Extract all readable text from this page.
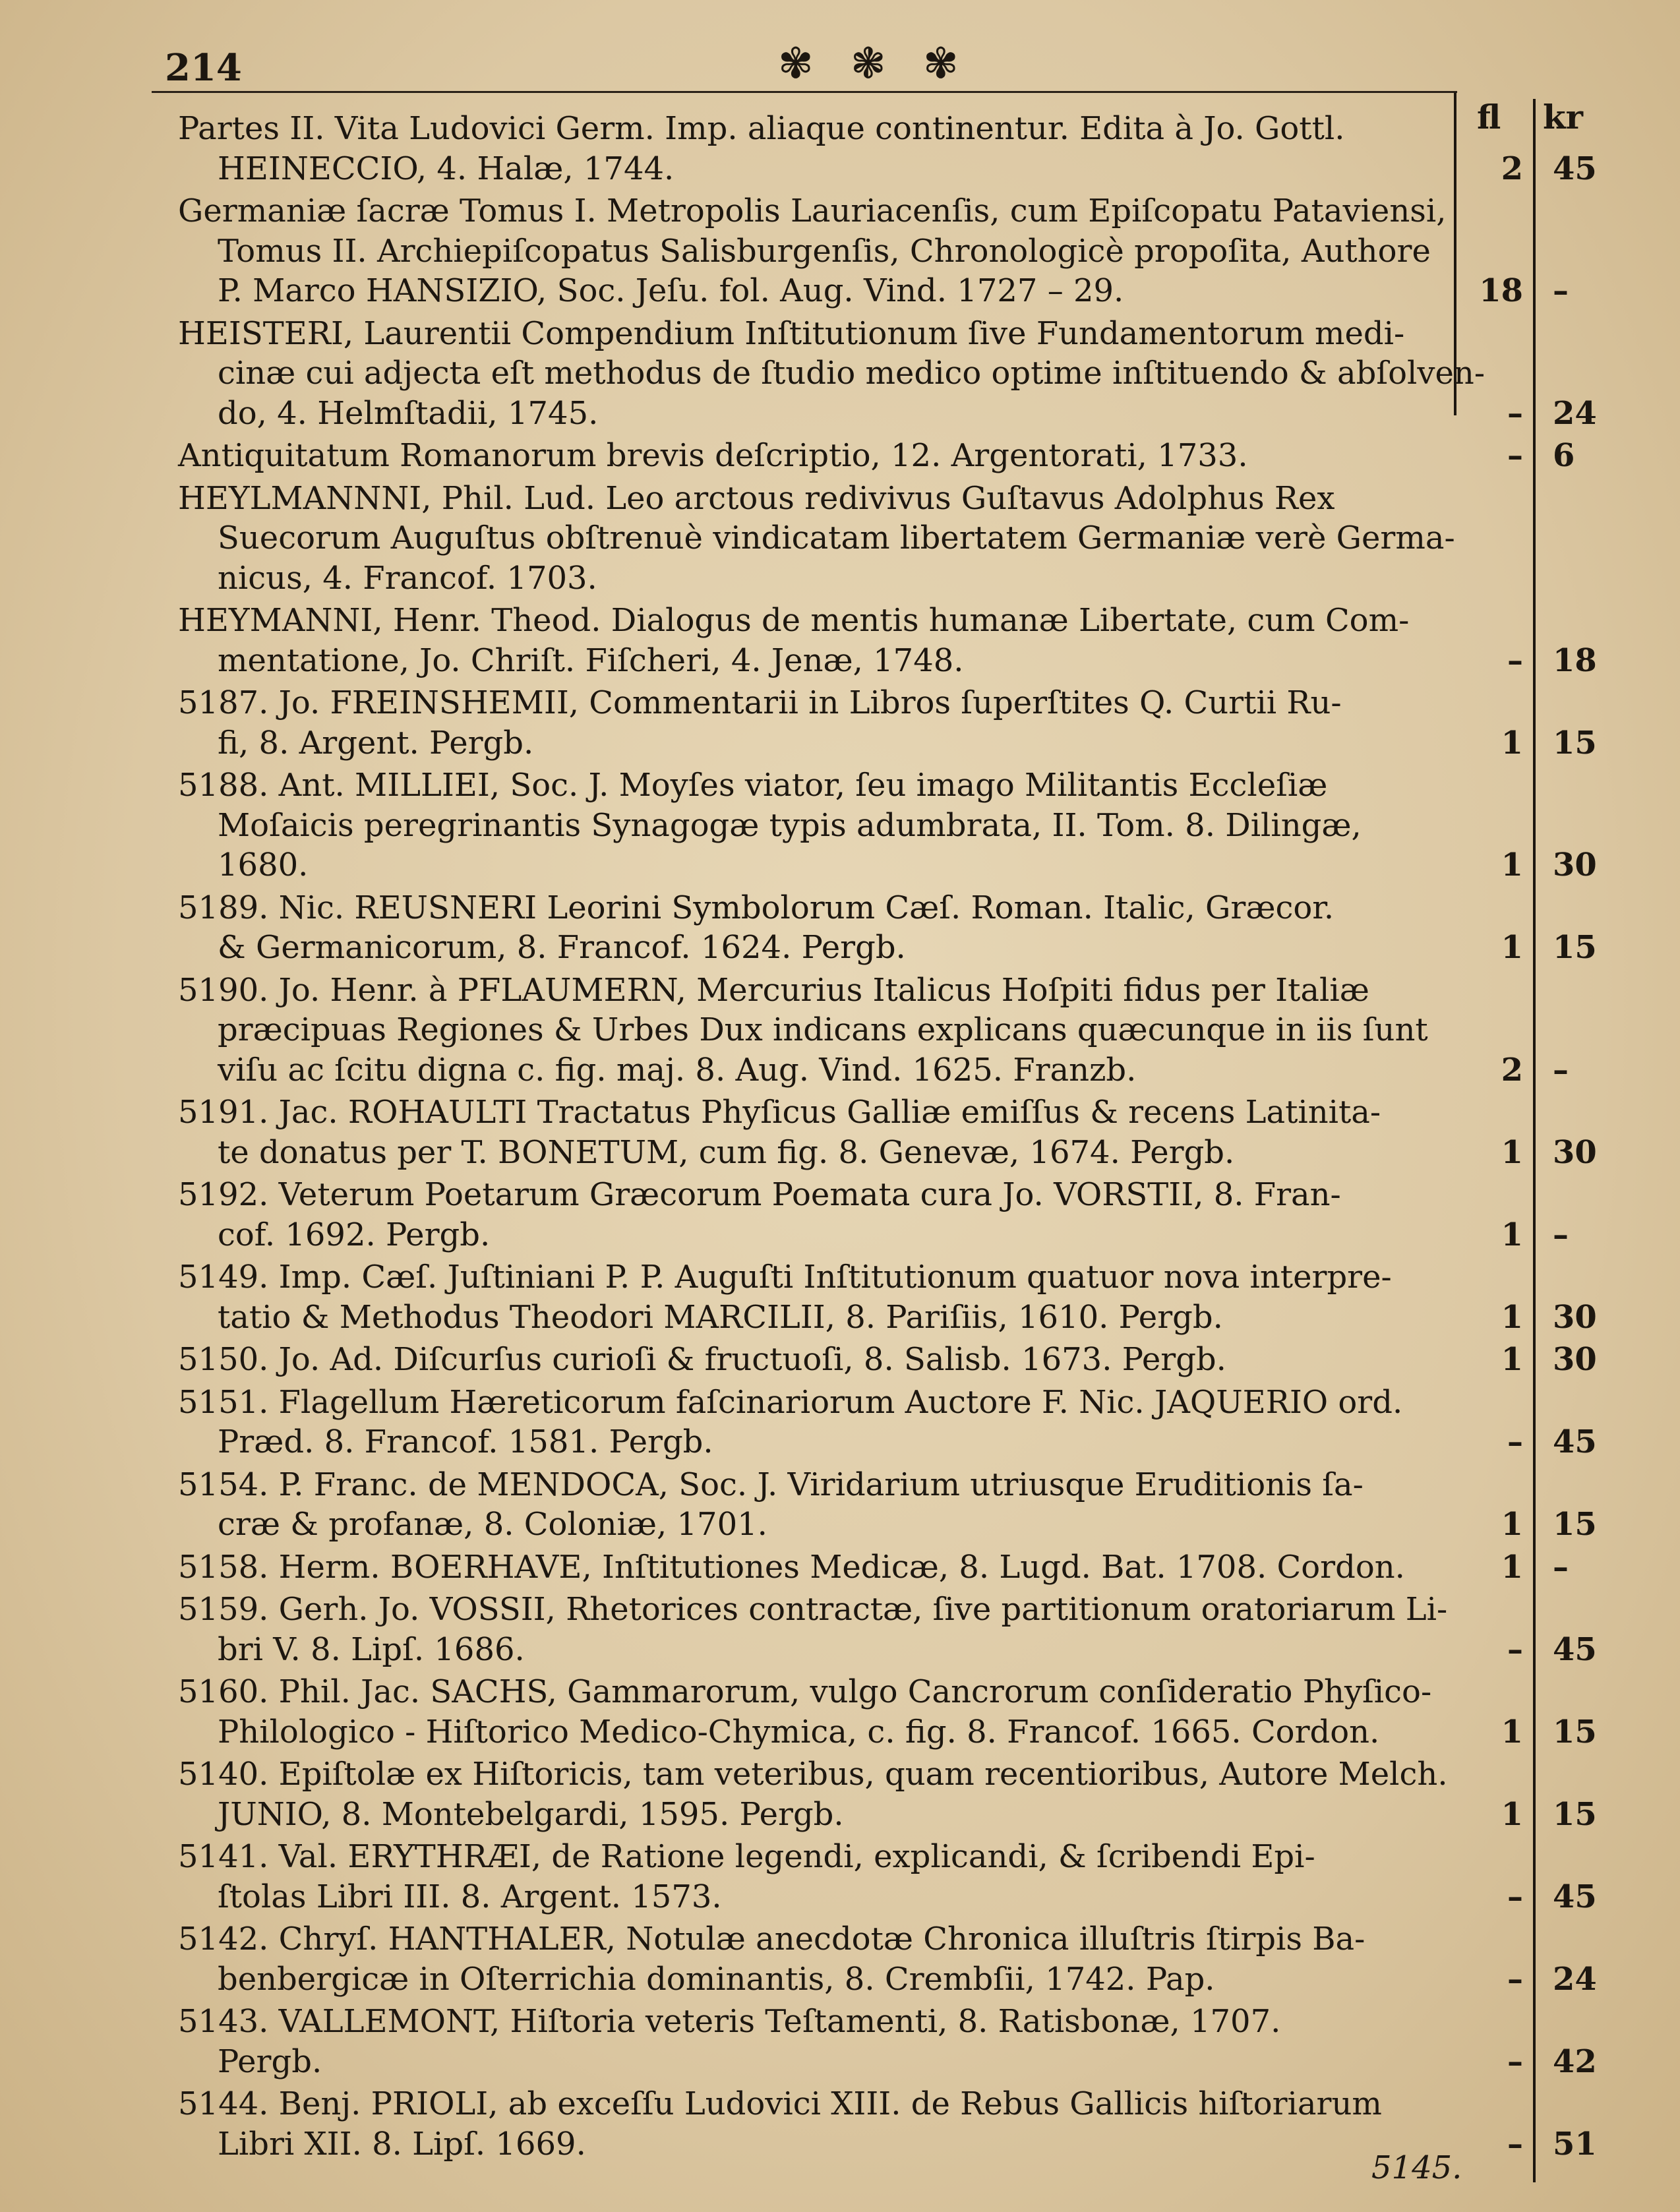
214	✾ ❃ ✾
fl kr
Partes II. Vita Ludovici Germ. Imp. aliaque continentur. Edita à Jo. Gottl.
HEINECCIO, 4. Halæ, 1744.	2 45
Germaniæ ſacræ Tomus I. Metropolis Lauriacenſis, cum Epiſcopatu Pataviensi,
Tomus II. Archiepiſcopatus Salisburgenſis, Chronologicè propoſita, Authore
P. Marco HANSIZIO, Soc. Jeſu. fol. Aug. Vind. 1727 – 29.	18 –
HEISTERI, Laurentii Compendium Inſtitutionum ſive Fundamentorum medi-
cinæ cui adjecta eſt methodus de ſtudio medico optime inſtituendo & abſolven-
do, 4. Helmſtadii, 1745.	– 24
Antiquitatum Romanorum brevis deſcriptio, 12. Argentorati, 1733.	– 6
HEYLMANNNI, Phil. Lud. Leo arctous redivivus Guſtavus Adolphus Rex
Suecorum Auguſtus obſtrenuè vindicatam libertatem Germaniæ verè Germa-
nicus, 4. Francof. 1703.
HEYMANNI, Henr. Theod. Dialogus de mentis humanæ Libertate, cum Com-
mentatione, Jo. Chriſt. Fiſcheri, 4. Jenæ, 1748.	– 18
5187. Jo. FREINSHEMII, Commentarii in Libros ſuperſtites Q. Curtii Ru-
fi, 8. Argent. Pergb.	1 15
5188. Ant. MILLIEI, Soc. J. Moyſes viator, ſeu imago Militantis Eccleſiæ
Moſaicis peregrinantis Synagogæ typis adumbrata, II. Tom. 8. Dilingæ,
1680.	1 30
5189. Nic. REUSNERI Leorini Symbolorum Cæſ. Roman. Italic, Græcor.
& Germanicorum, 8. Francof. 1624. Pergb.	1 15
5190. Jo. Henr. à PFLAUMERN, Mercurius Italicus Hoſpiti fidus per Italiæ
præcipuas Regiones & Urbes Dux indicans explicans quæcunque in iis ſunt
viſu ac ſcitu digna c. fig. maj. 8. Aug. Vind. 1625. Franzb.	2 –
5191. Jac. ROHAULTI Tractatus Phyſicus Galliæ emiſſus & recens Latinita-
te donatus per T. BONETUM, cum fig. 8. Genevæ, 1674. Pergb.	1 30
5192. Veterum Poetarum Græcorum Poemata cura Jo. VORSTII, 8. Fran-
cof. 1692. Pergb.	1 –
5149. Imp. Cæſ. Juſtiniani P. P. Auguſti Inſtitutionum quatuor nova interpre-
tatio & Methodus Theodori MARCILII, 8. Pariſiis, 1610. Pergb.	1 30
5150. Jo. Ad. Diſcurſus curioſi & fructuoſi, 8. Salisb. 1673. Pergb.	1 30
5151. Flagellum Hæreticorum faſcinariorum Auctore F. Nic. JAQUERIO ord.
Præd. 8. Francof. 1581. Pergb.	– 45
5154. P. Franc. de MENDOCA, Soc. J. Viridarium utriusque Eruditionis ſa-
cræ & profanæ, 8. Coloniæ, 1701.	1 15
5158. Herm. BOERHAVE, Inſtitutiones Medicæ, 8. Lugd. Bat. 1708. Cordon.	1 –
5159. Gerh. Jo. VOSSII, Rhetorices contractæ, ſive partitionum oratoriarum Li-
bri V. 8. Lipſ. 1686.	– 45
5160. Phil. Jac. SACHS, Gammarorum, vulgo Cancrorum conſideratio Phyſico-
Philologico - Hiſtorico Medico-Chymica, c. fig. 8. Francof. 1665. Cordon.	1 15
5140. Epiſtolæ ex Hiſtoricis, tam veteribus, quam recentioribus, Autore Melch.
JUNIO, 8. Montebelgardi, 1595. Pergb.	1 15
5141. Val. ERYTHRÆI, de Ratione legendi, explicandi, & ſcribendi Epi-
ſtolas Libri III. 8. Argent. 1573.	– 45
5142. Chryſ. HANTHALER, Notulæ anecdotæ Chronica illuſtris ſtirpis Ba-
benbergicæ in Oſterrichia dominantis, 8. Crembſii, 1742. Pap.	– 24
5143. VALLEMONT, Hiſtoria veteris Teſtamenti, 8. Ratisbonæ, 1707.
Pergb.	– 42
5144. Benj. PRIOLI, ab exceſſu Ludovici XIII. de Rebus Gallicis hiſtoriarum
Libri XII. 8. Lipſ. 1669.	– 51
5145.
